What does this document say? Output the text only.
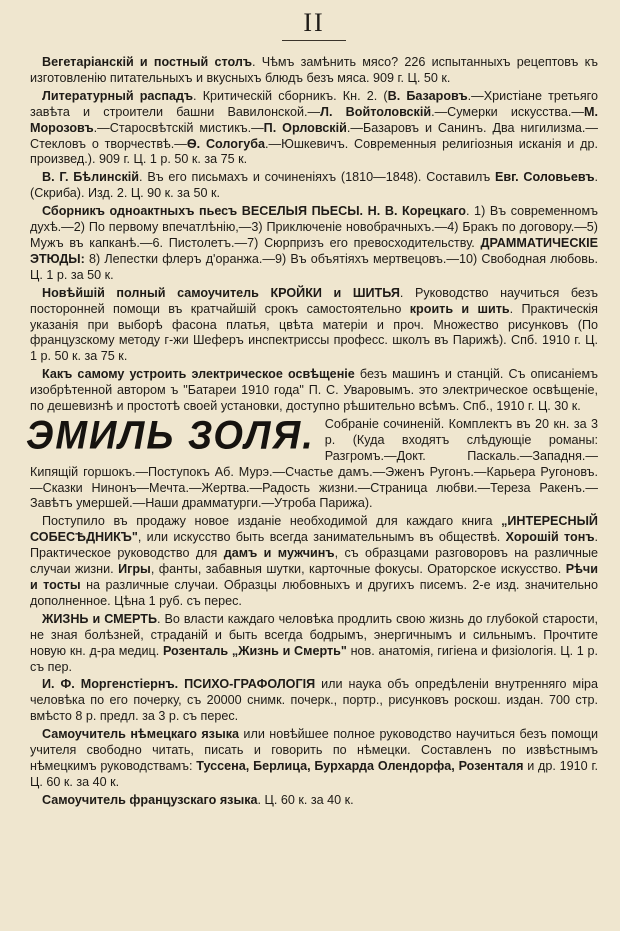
II

Вегетаріанскій и постный столъ. Чѣмъ замѣнить мясо? 226 испытанныхъ рецептовъ къ изготовленію питательныхъ и вкусныхъ блюдъ безъ мяса. 909 г. Ц. 50 к.

Литературный распадъ. Критическій сборникъ. Кн. 2. (В. Базаровъ.—Христіане третьяго завѣта и строители башни Вавилонской.—Л. Войтоловскій.—Сумерки искусства.—М. Морозовъ.—Старосвѣтскій мистикъ.—П. Орловскій.—Базаровъ и Санинъ. Два нигилизма.—Стекловъ о творчествѣ.—Ѳ. Сологуба.—Юшкевичъ. Современныя религіозныя исканія и др. произвед.). 909 г. Ц. 1 р. 50 к. за 75 к.

В. Г. Бѣлинскій. Въ его письмахъ и сочиненіяхъ (1810—1848). Составилъ Евг. Соловьевъ. (Скриба). Изд. 2. Ц. 90 к. за 50 к.

Сборникъ одноактныхъ пьесъ ВЕСЕЛЫЯ ПЬЕСЫ. Н. В. Корецкаго. 1) Въ современномъ духѣ.—2) По первому впечатлѣнію,—3) Приключеніе новобрачныхъ.—4) Бракъ по договору.—5) Мужъ въ капканѣ.—6. Пистолетъ.—7) Сюрпризъ его превосходительству. ДРАММАТИЧЕСКІЕ ЭТЮДЫ: 8) Лепестки флеръ д'оранжа.—9) Въ объятіяхъ мертвецовъ.—10) Свободная любовь. Ц. 1 р. за 50 к.

Новѣйшій полный самоучитель КРОЙКИ и ШИТЬЯ. Руководство научиться безъ посторонней помощи въ кратчайшій срокъ самостоятельно кроить и шить. Практическія указанія при выборѣ фасона платья, цвѣта матеріи и проч. Множество рисунковъ (По французскому методу г-жи Шеферъ инспектриссы професс. школъ въ Парижѣ). Спб. 1910 г. Ц. 1 р. 50 к. за 75 к.

Какъ самому устроить электрическое освѣщеніе безъ машинъ и станцій. Съ описаніемъ изобрѣтенной автором ъ "Батареи 1910 года" П. С. Уваровымъ. это электрическое освѣщеніе, по дешевизнѣ и простотѣ своей установки, доступно рѣшительно всѣмъ. Спб., 1910 г. Ц. 30 к.

ЭМИЛЬ ЗОЛЯ. Собраніе сочиненій. Комплектъ въ 20 кн. за 3 р. (Куда входятъ слѣдующіе романы: Разгромъ.—Докт. Паскаль.—Западня.—Кипящій горшокъ.—Поступокъ Аб. Мурэ.—Счастье дамъ.—Эженъ Ругонъ.—Карьера Ругоновъ.—Сказки Нинонъ—Мечта.—Жертва.—Радость жизни.—Страница любви.—Тереза Ракенъ.—Завѣтъ умершей.—Наши драмматурги.—Утроба Парижа).

Поступило въ продажу новое изданіе необходимой для каждаго книга „ИНТЕРЕСНЫЙ СОБЕСѢДНИКЪ", или искусство быть всегда занимательнымъ въ обществѣ. Хорошій тонъ. Практическое руководство для дамъ и мужчинъ, съ образцами разговоровъ на различные случаи жизни. Игры, фанты, забавныя шутки, карточные фокусы. Ораторское искусство. Рѣчи и тосты на различные случаи. Образцы любовныхъ и другихъ писемъ. 2-е изд. значительно дополненное. Цѣна 1 руб. съ перес.

ЖИЗНЬ и СМЕРТЬ. Во власти каждаго человѣка продлить свою жизнь до глубокой старости, не зная болѣзней, страданій и быть всегда бодрымъ, энергичнымъ и сильнымъ. Прочтите новую кн. д-ра медиц. Розенталь „Жизнь и Смерть" нов. анатомія, гигіена и физіологія. Ц. 1 р. съ пер.

И. Ф. Моргенстіернъ. ПСИХО-ГРАФОЛОГІЯ или наука объ опредѣленіи внутренняго міра человѣка по его почерку, съ 20000 снимк. почерк., портр., рисунковъ роскош. издан. 700 стр. вмѣсто 8 р. предл. за 3 р. съ перес.

Самоучитель нѣмецкаго языка или новѣйшее полное руководство научиться безъ помощи учителя свободно читать, писать и говорить по нѣмецки. Составленъ по извѣстнымъ нѣмецкимъ руководствамъ: Туссена, Берлица, Бурхарда Олендорфа, Розенталя и др. 1910 г. Ц. 60 к. за 40 к.

Самоучитель французскаго языка. Ц. 60 к. за 40 к.
